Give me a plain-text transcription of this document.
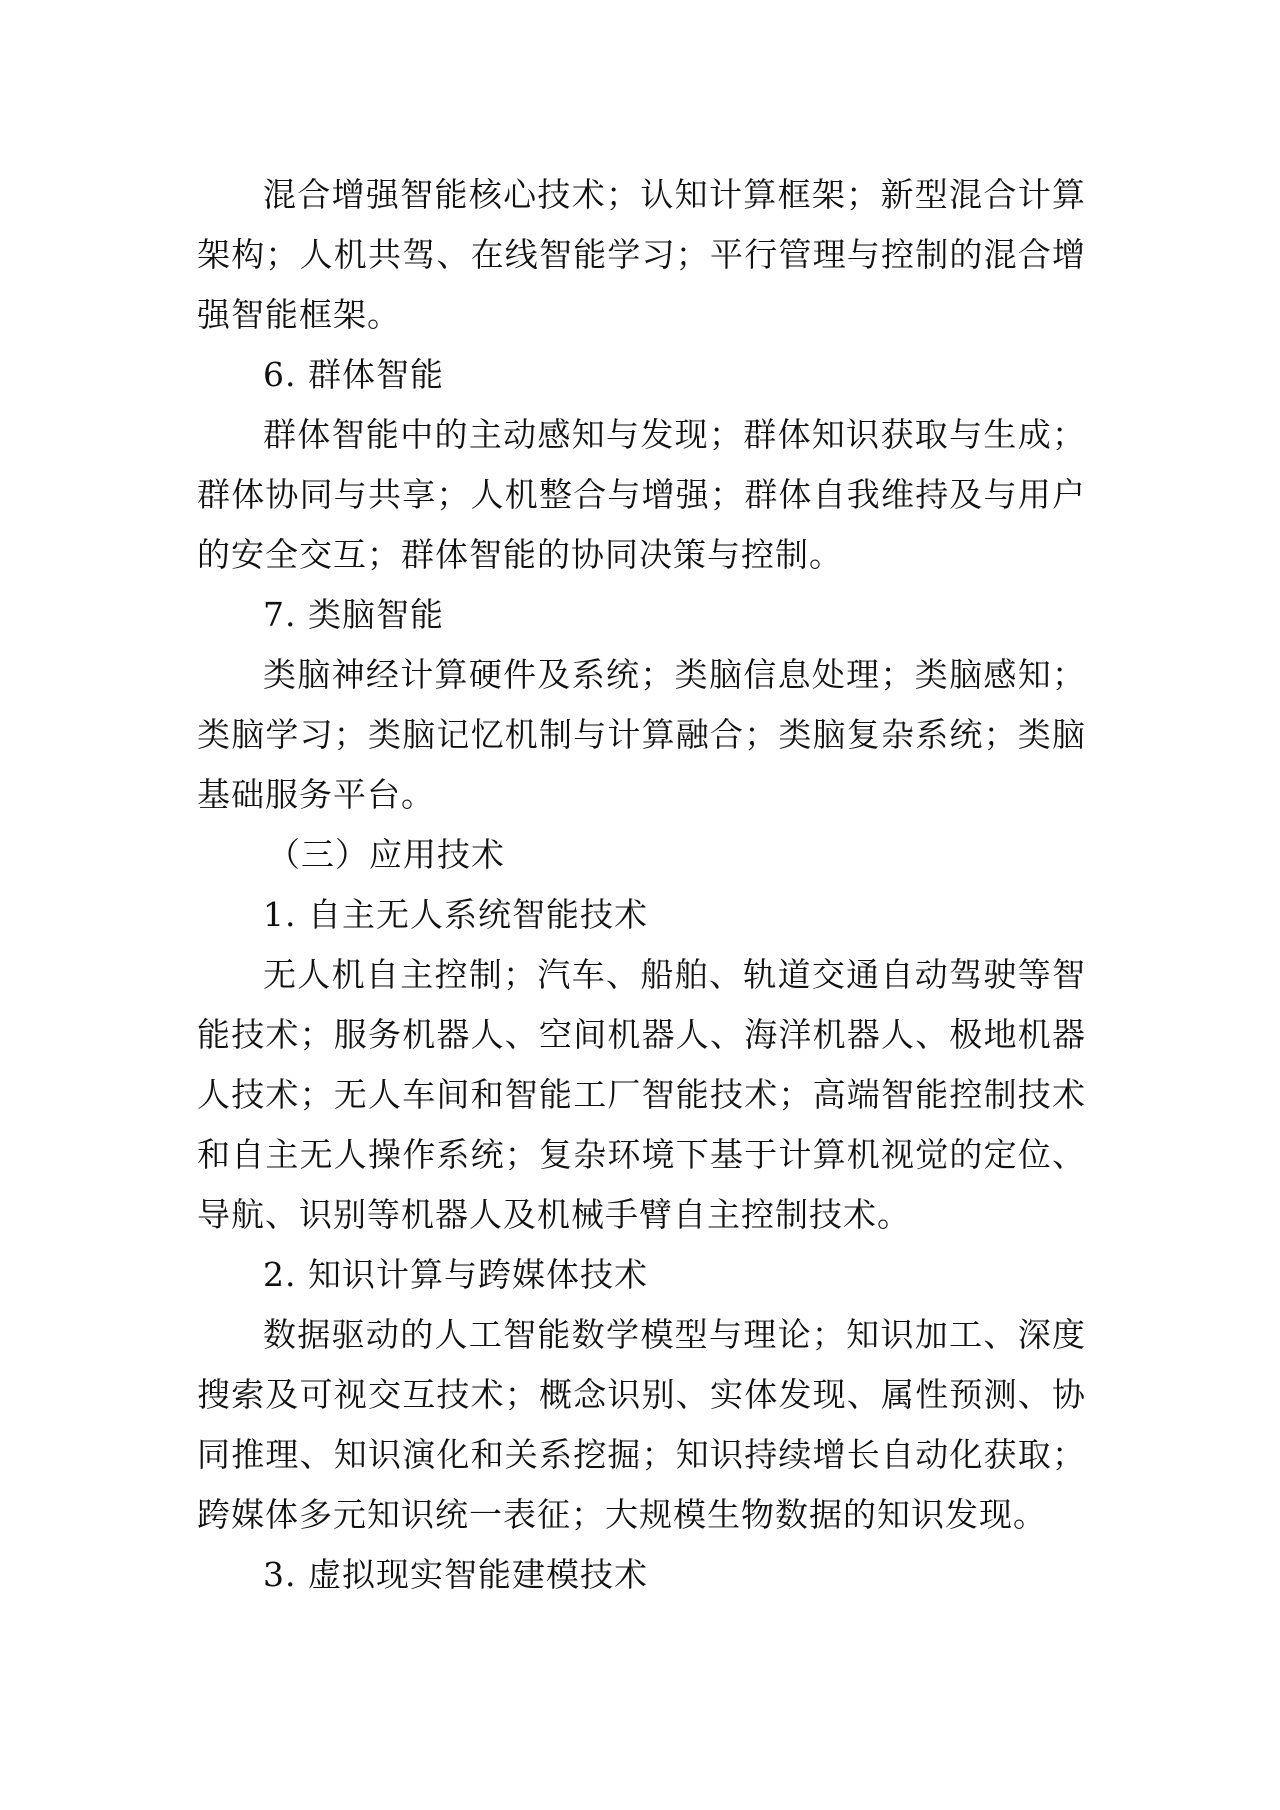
混合增强智能核心技术；认知计算框架；新型混合计算架构；人机共驾、在线智能学习；平行管理与控制的混合增强智能框架。

6. 群体智能

群体智能中的主动感知与发现；群体知识获取与生成；群体协同与共享；人机整合与增强；群体自我维持及与用户的安全交互；群体智能的协同决策与控制。

7. 类脑智能

类脑神经计算硬件及系统；类脑信息处理；类脑感知；类脑学习；类脑记忆机制与计算融合；类脑复杂系统；类脑基础服务平台。

（三）应用技术

1. 自主无人系统智能技术

无人机自主控制；汽车、船舶、轨道交通自动驾驶等智能技术；服务机器人、空间机器人、海洋机器人、极地机器人技术；无人车间和智能工厂智能技术；高端智能控制技术和自主无人操作系统；复杂环境下基于计算机视觉的定位、导航、识别等机器人及机械手臂自主控制技术。

2. 知识计算与跨媒体技术

数据驱动的人工智能数学模型与理论；知识加工、深度搜索及可视交互技术；概念识别、实体发现、属性预测、协同推理、知识演化和关系挖掘；知识持续增长自动化获取；跨媒体多元知识统一表征；大规模生物数据的知识发现。

3. 虚拟现实智能建模技术
